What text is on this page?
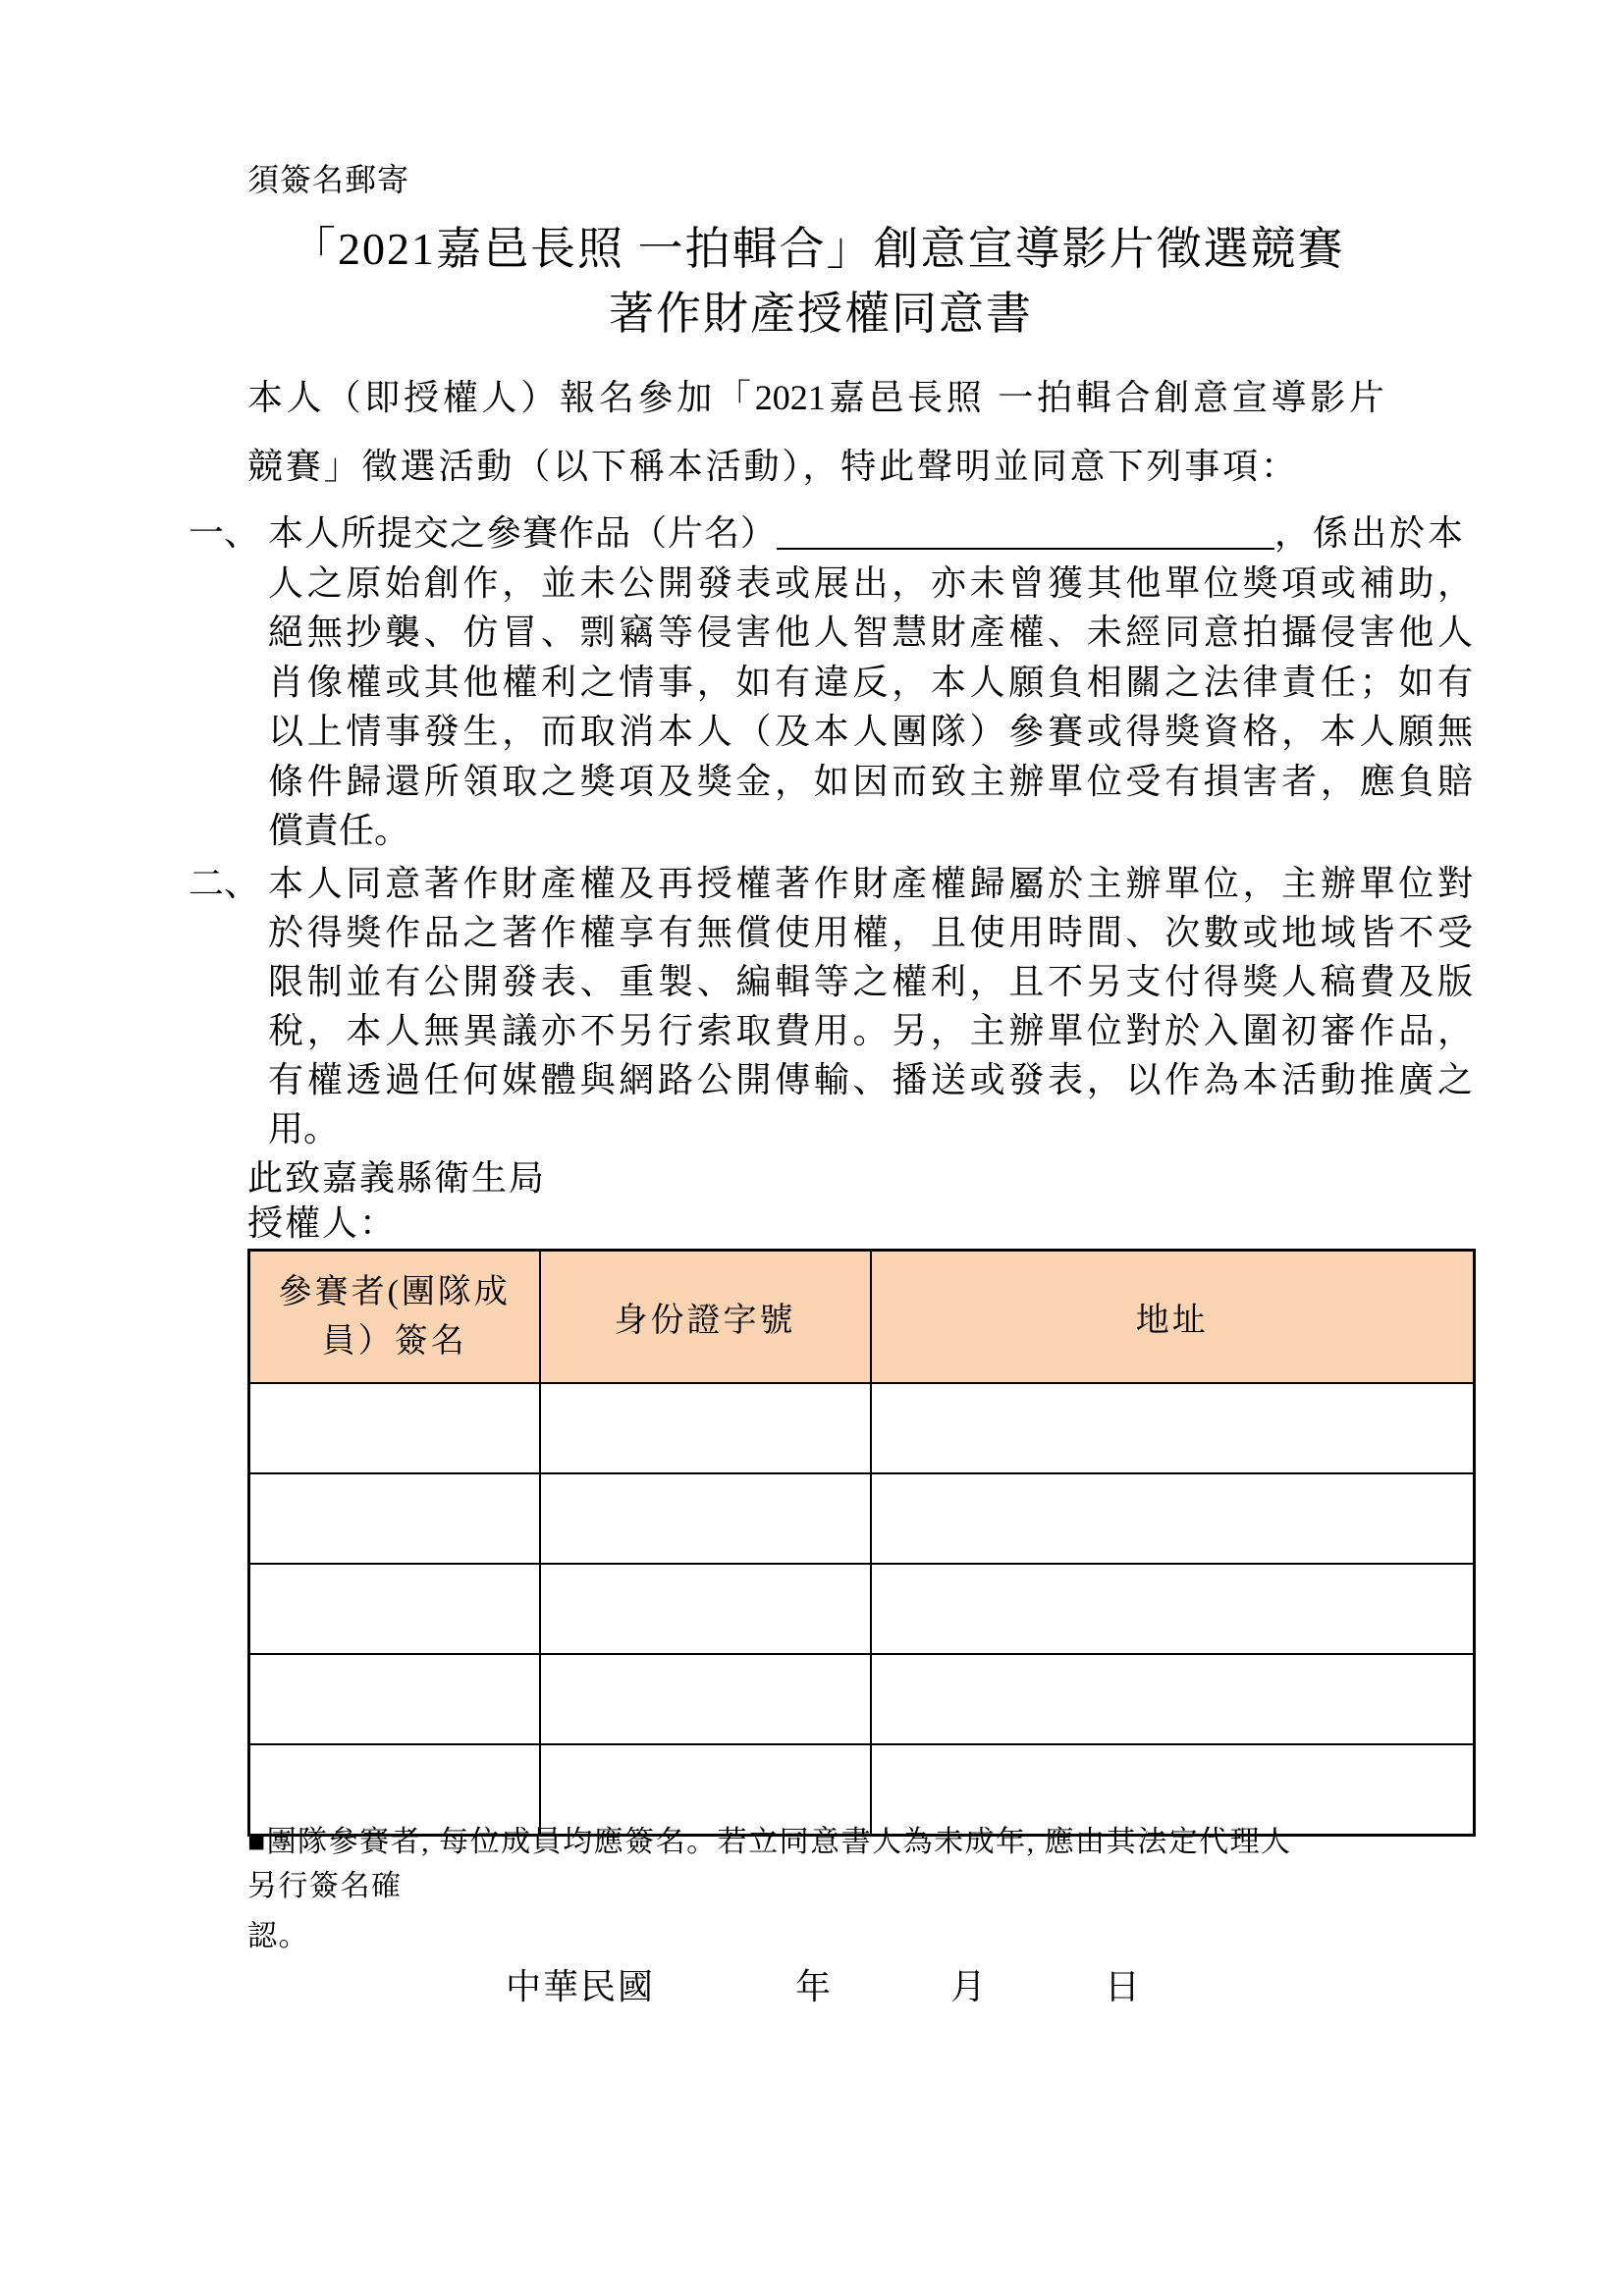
須簽名郵寄
「2021嘉邑長照 一拍輯合」創意宣導影片徵選競賽
著作財產授權同意書
本人（即授權人）報名參加「2021嘉邑長照 一拍輯合創意宣導影片
競賽」徵選活動（以下稱本活動），特此聲明並同意下列事項：
一、 本人所提交之參賽作品（片名）	，係出於本
人之原始創作，並未公開發表或展出，亦未曾獲其他單位獎項或補助，
絕無抄襲、仿冒、剽竊等侵害他人智慧財產權、未經同意拍攝侵害他人
肖像權或其他權利之情事，如有違反，本人願負相關之法律責任；如有
以上情事發生，而取消本人（及本人團隊）參賽或得獎資格，本人願無
條件歸還所領取之獎項及獎金，如因而致主辦單位受有損害者，應負賠
償責任。
二、 本人同意著作財產權及再授權著作財產權歸屬於主辦單位，主辦單位對
於得獎作品之著作權享有無償使用權，且使用時間、次數或地域皆不受
限制並有公開發表、重製、編輯等之權利，且不另支付得獎人稿費及版
稅，本人無異議亦不另行索取費用。另，主辦單位對於入圍初審作品，
有權透過任何媒體與網路公開傳輸、播送或發表，以作為本活動推廣之
用。
此致嘉義縣衛生局
授權人：
參賽者(團隊成
員）簽名	身份證字號	地址

■團隊參賽者, 每位成員均應簽名。若立同意書人為未成年, 應由其法定代理人
另行簽名確
認。
中華民國	年	月	日
